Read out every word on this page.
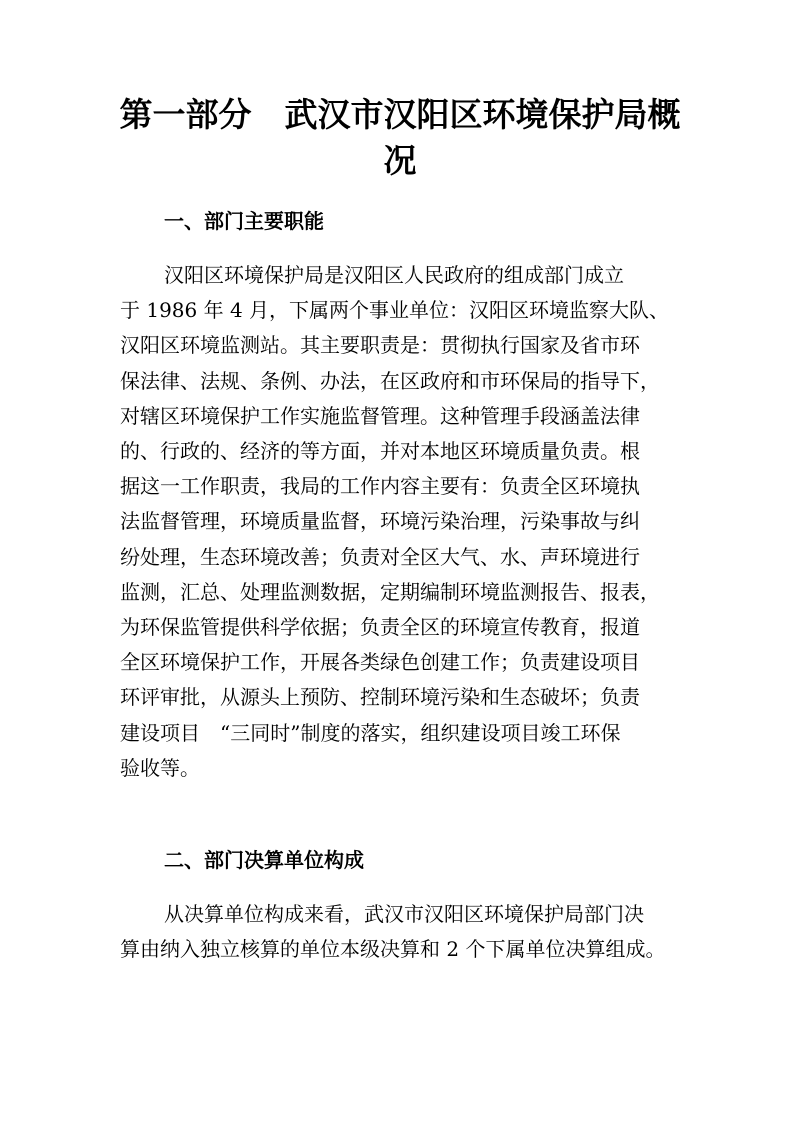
第一部分　武汉市汉阳区环境保护局概
况
一、部门主要职能
汉阳区环境保护局是汉阳区人民政府的组成部门成立
于 1986 年 4 月，下属两个事业单位：汉阳区环境监察大队、
汉阳区环境监测站。其主要职责是：贯彻执行国家及省市环
保法律、法规、条例、办法，在区政府和市环保局的指导下，
对辖区环境保护工作实施监督管理。这种管理手段涵盖法律
的、行政的、经济的等方面，并对本地区环境质量负责。根
据这一工作职责，我局的工作内容主要有：负责全区环境执
法监督管理，环境质量监督，环境污染治理，污染事故与纠
纷处理，生态环境改善；负责对全区大气、水、声环境进行
监测，汇总、处理监测数据，定期编制环境监测报告、报表，
为环保监管提供科学依据；负责全区的环境宣传教育，报道
全区环境保护工作，开展各类绿色创建工作；负责建设项目
环评审批，从源头上预防、控制环境污染和生态破坏；负责
建设项目　“三同时”制度的落实，组织建设项目竣工环保
验收等。
二、部门决算单位构成
从决算单位构成来看，武汉市汉阳区环境保护局部门决
算由纳入独立核算的单位本级决算和 2 个下属单位决算组成。
